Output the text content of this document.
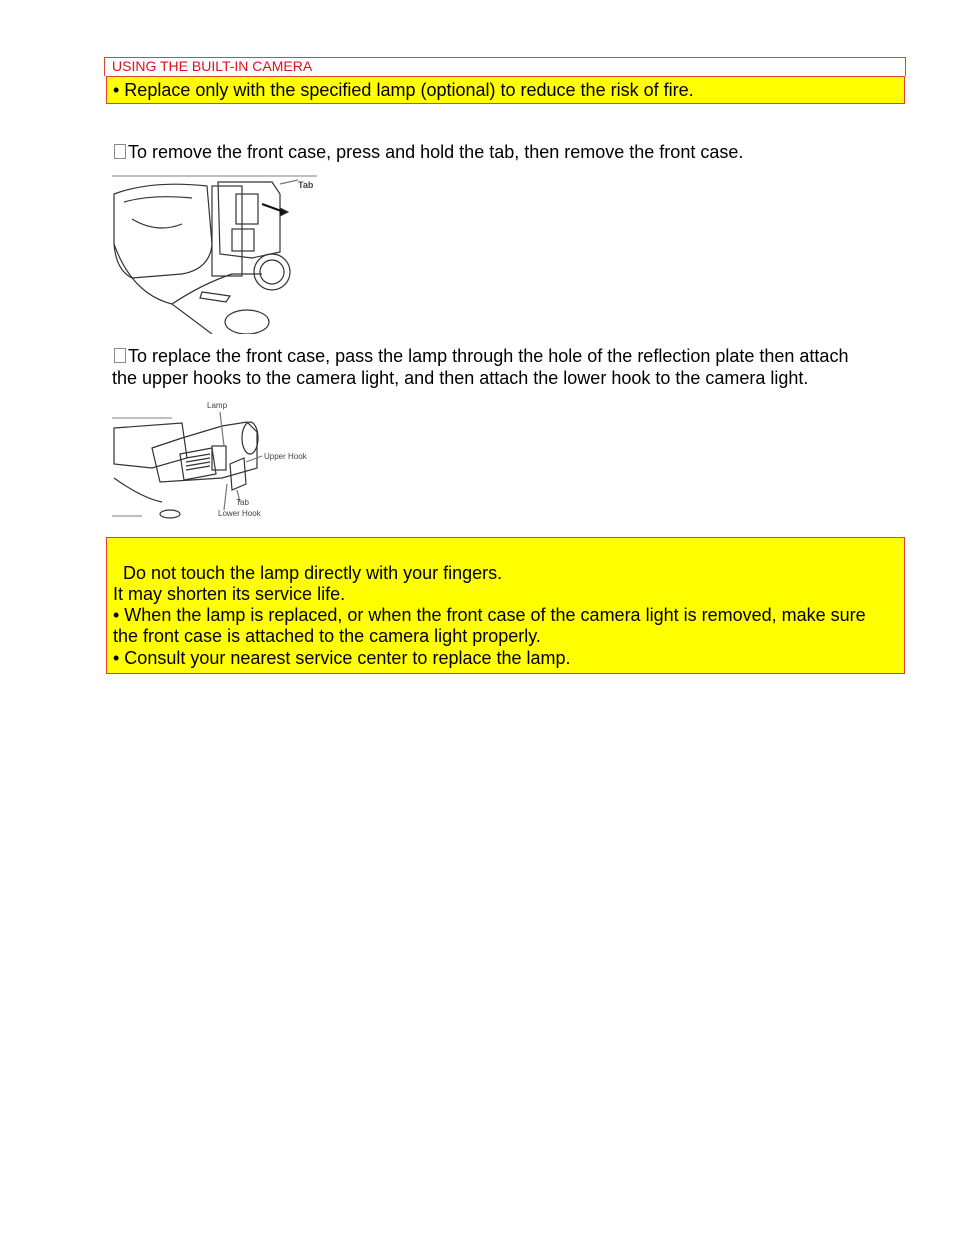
USING THE BUILT-IN CAMERA
• Replace only with the specified lamp (optional) to reduce the risk of fire.
To remove the front case, press and hold the tab, then remove the front case.
Tab
To replace the front case, pass the lamp through the hole of the reflection plate then attach
the upper hooks to the camera light, and then attach the lower hook to the camera light.
Lamp
Upper Hook
Tab
Lower Hook
Do not touch the lamp directly with your fingers.
It may shorten its service life.
• When the lamp is replaced, or when the front case of the camera light is removed, make sure
the front case is attached to the camera light properly.
• Consult your nearest service center to replace the lamp.
